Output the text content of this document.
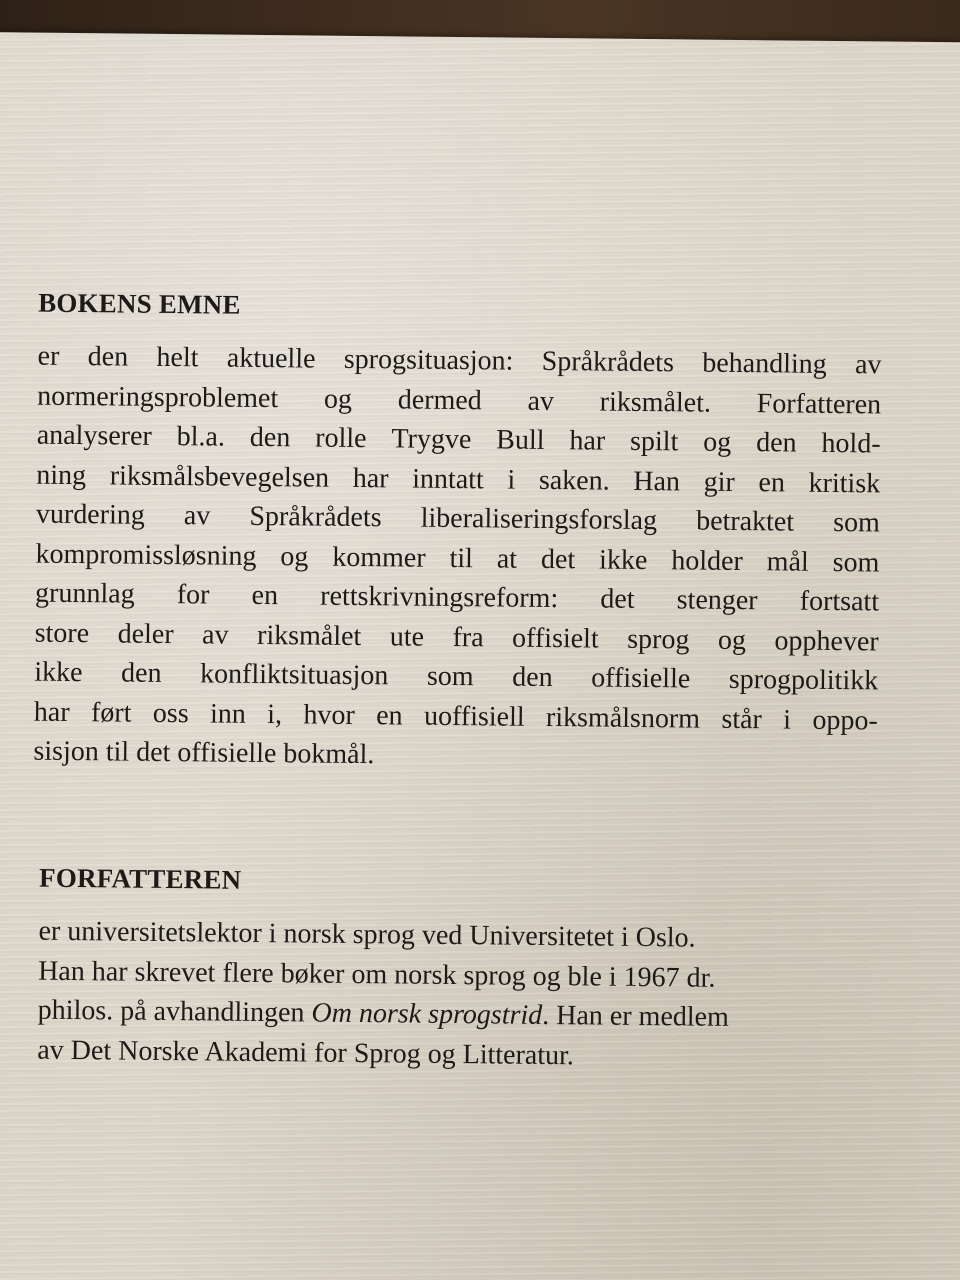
BOKENS EMNE
er den helt aktuelle sprogsituasjon: Språkrådets behandling av
normeringsproblemet og dermed av riksmålet. Forfatteren
analyserer bl.a. den rolle Trygve Bull har spilt og den hold-
ning riksmålsbevegelsen har inntatt i saken. Han gir en kritisk
vurdering av Språkrådets liberaliseringsforslag betraktet som
kompromissløsning og kommer til at det ikke holder mål som
grunnlag for en rettskrivningsreform: det stenger fortsatt
store deler av riksmålet ute fra offisielt sprog og opphever
ikke den konfliktsituasjon som den offisielle sprogpolitikk
har ført oss inn i, hvor en uoffisiell riksmålsnorm står i oppo-
sisjon til det offisielle bokmål.
FORFATTEREN
er universitetslektor i norsk sprog ved Universitetet i Oslo.
Han har skrevet flere bøker om norsk sprog og ble i 1967 dr.
philos. på avhandlingen Om norsk sprogstrid. Han er medlem
av Det Norske Akademi for Sprog og Litteratur.
